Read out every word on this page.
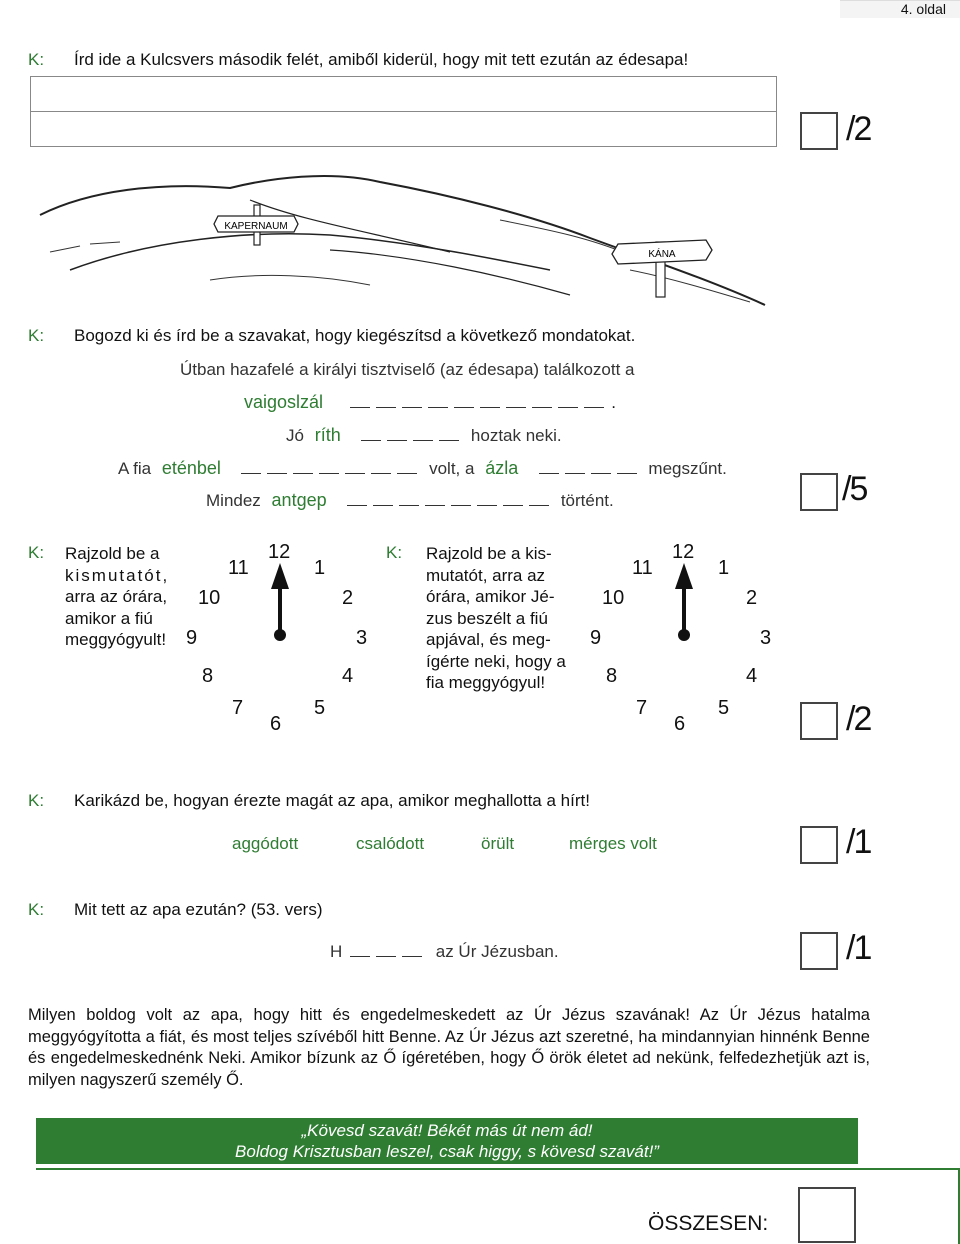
4. oldal
K: Írd ide a Kulcsvers második felét, amiből kiderül, hogy mit tett ezután az édesapa!
/2
KAPERNAUM
KÁNA
K: Bogozd ki és írd be a szavakat, hogy kiegészítsd a következő mondatokat.
Útban hazafelé a királyi tisztviselő (az édesapa) találkozott a
vaigoslzál	.
Jó ríth	hoztak neki.
A fia eténbel	volt, a ázla	megszűnt.
Mindez antgep	történt.	/5
K: Rajzold be a
kismutatót,
arra az órára,
amikor a fiú
meggyógyult!
12
1
2
3
4
5
6
7
8
9
10
11
K: Rajzold be a kis-
mutatót, arra az
órára, amikor Jé-
zus beszélt a fiú
apjával, és meg-
ígérte neki, hogy a
fia meggyógyul!
12
1
2
3
4
5
6
7
8
9
10
11
/2
K: Karikázd be, hogyan érezte magát az apa, amikor meghallotta a hírt!
aggódott	csalódott	örült	mérges volt	/1
K: Mit tett az apa ezután? (53. vers)
H	az Úr Jézusban.	/1
Milyen boldog volt az apa, hogy hitt és engedelmeskedett az Úr Jézus szavának! Az Úr Jézus hatalma meggyógyította a fiát, és most teljes szívéből hitt Benne. Az Úr Jézus azt szeretné, ha mindannyian hinnénk Benne és engedelmeskednénk Neki. Amikor bízunk az Ő ígéretében, hogy Ő örök életet ad nekünk, felfedezhetjük azt is, milyen nagyszerű személy Ő.
„Kövesd szavát! Békét más út nem ád!
Boldog Krisztusban leszel, csak higgy, s kövesd szavát!”
ÖSSZESEN:
